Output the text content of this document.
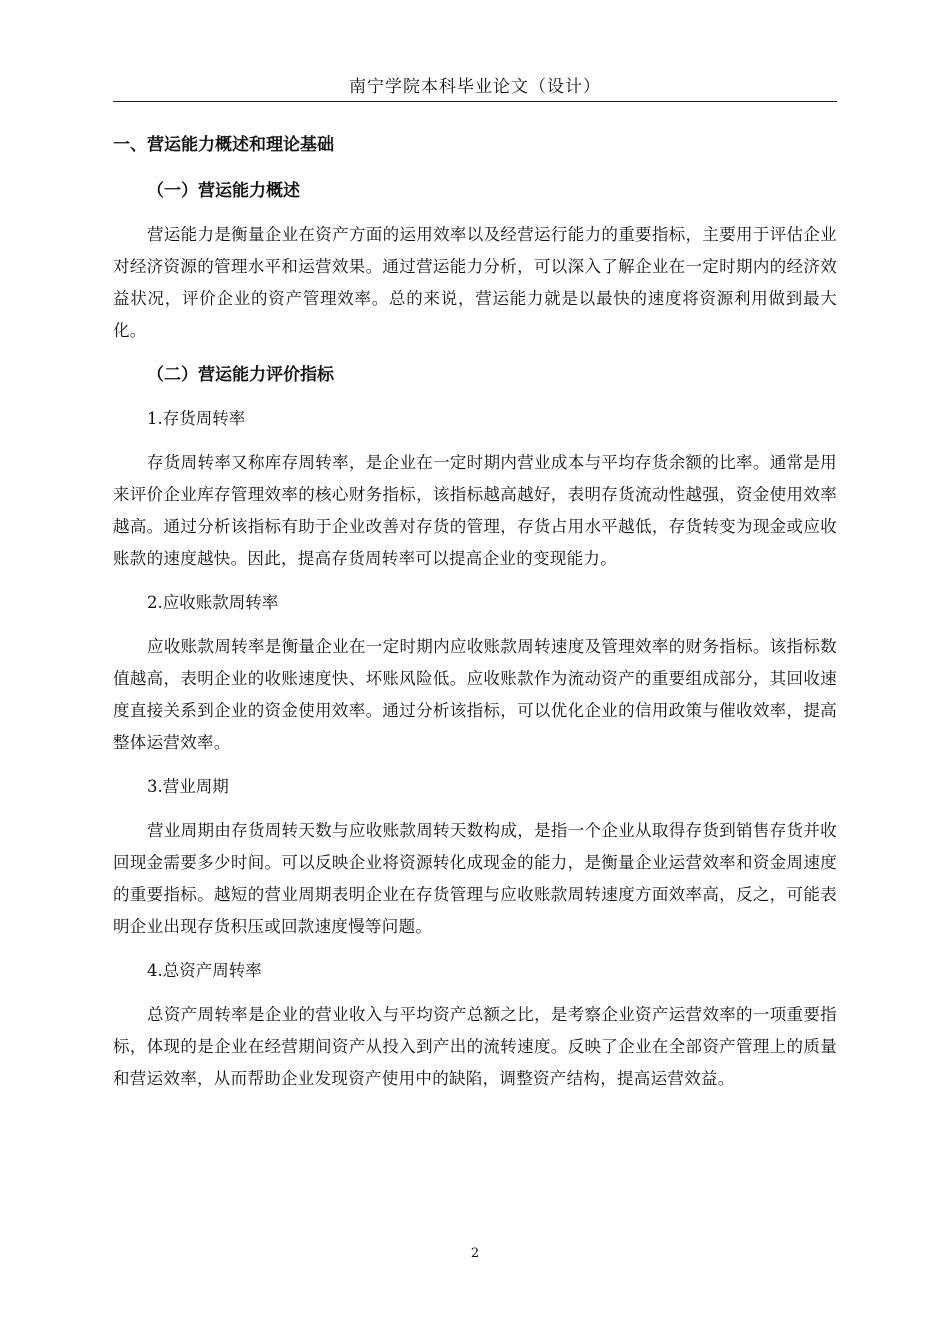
南宁学院本科毕业论文（设计）
一、营运能力概述和理论基础
（一）营运能力概述

营运能力是衡量企业在资产方面的运用效率以及经营运行能力的重要指标，主要用于评估企业对经济资源的管理水平和运营效果。通过营运能力分析，可以深入了解企业在一定时期内的经济效益状况，评价企业的资产管理效率。总的来说，营运能力就是以最快的速度将资源利用做到最大化。

（二）营运能力评价指标
1.存货周转率

存货周转率又称库存周转率，是企业在一定时期内营业成本与平均存货余额的比率。通常是用来评价企业库存管理效率的核心财务指标，该指标越高越好，表明存货流动性越强，资金使用效率越高。通过分析该指标有助于企业改善对存货的管理，存货占用水平越低，存货转变为现金或应收账款的速度越快。因此，提高存货周转率可以提高企业的变现能力。

2.应收账款周转率

应收账款周转率是衡量企业在一定时期内应收账款周转速度及管理效率的财务指标。该指标数值越高，表明企业的收账速度快、坏账风险低。应收账款作为流动资产的重要组成部分，其回收速度直接关系到企业的资金使用效率。通过分析该指标，可以优化企业的信用政策与催收效率，提高整体运营效率。

3.营业周期

营业周期由存货周转天数与应收账款周转天数构成，是指一个企业从取得存货到销售存货并收回现金需要多少时间。可以反映企业将资源转化成现金的能力，是衡量企业运营效率和资金周速度的重要指标。越短的营业周期表明企业在存货管理与应收账款周转速度方面效率高，反之，可能表明企业出现存货积压或回款速度慢等问题。

4.总资产周转率

总资产周转率是企业的营业收入与平均资产总额之比，是考察企业资产运营效率的一项重要指标，体现的是企业在经营期间资产从投入到产出的流转速度。反映了企业在全部资产管理上的质量和营运效率，从而帮助企业发现资产使用中的缺陷，调整资产结构，提高运营效益。

2
